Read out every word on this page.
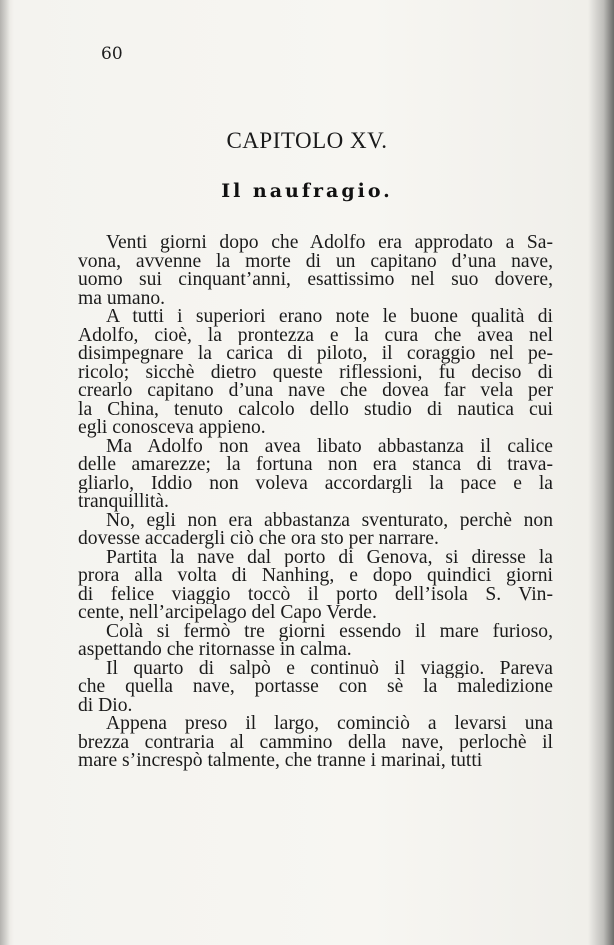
60
CAPITOLO XV.
Il naufragio.
Venti giorni dopo che Adolfo era approdato a Sa-
vona, avvenne la morte di un capitano d’una nave,
uomo sui cinquant’anni, esattissimo nel suo dovere,
ma umano.
A tutti i superiori erano note le buone qualità di
Adolfo, cioè, la prontezza e la cura che avea nel
disimpegnare la carica di piloto, il coraggio nel pe-
ricolo; sicchè dietro queste riflessioni, fu deciso di
crearlo capitano d’una nave che dovea far vela per
la China, tenuto calcolo dello studio di nautica cui
egli conosceva appieno.
Ma Adolfo non avea libato abbastanza il calice
delle amarezze; la fortuna non era stanca di trava-
gliarlo, Iddio non voleva accordargli la pace e la
tranquillità.
No, egli non era abbastanza sventurato, perchè non
dovesse accadergli ciò che ora sto per narrare.
Partita la nave dal porto di Genova, si diresse la
prora alla volta di Nanhing, e dopo quindici giorni
di felice viaggio toccò il porto dell’isola S. Vin-
cente, nell’arcipelago del Capo Verde.
Colà si fermò tre giorni essendo il mare furioso,
aspettando che ritornasse in calma.
Il quarto di salpò e continuò il viaggio. Pareva
che quella nave, portasse con sè la maledizione
di Dio.
Appena preso il largo, cominciò a levarsi una
brezza contraria al cammino della nave, perlochè il
mare s’increspò talmente, che tranne i marinai, tutti
